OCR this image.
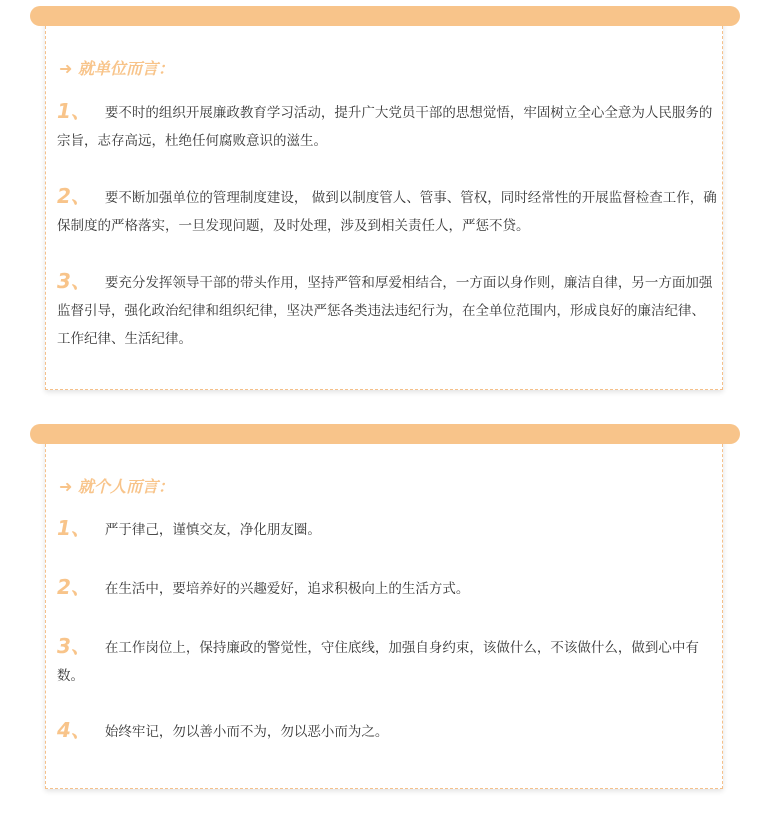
➜ 就单位而言：
1、 要不时的组织开展廉政教育学习活动，提升广大党员干部的思想觉悟，牢固树立全心全意为人民服务的宗旨，志存高远，杜绝任何腐败意识的滋生。
2、 要不断加强单位的管理制度建设， 做到以制度管人、管事、管权，同时经常性的开展监督检查工作，确保制度的严格落实，一旦发现问题，及时处理，涉及到相关责任人，严惩不贷。
3、 要充分发挥领导干部的带头作用，坚持严管和厚爱相结合，一方面以身作则，廉洁自律，另一方面加强监督引导，强化政治纪律和组织纪律，坚决严惩各类违法违纪行为，在全单位范围内，形成良好的廉洁纪律、工作纪律、生活纪律。
➜ 就个人而言：
1、 严于律己，谨慎交友，净化朋友圈。
2、 在生活中，要培养好的兴趣爱好，追求积极向上的生活方式。
3、 在工作岗位上，保持廉政的警觉性，守住底线，加强自身约束，该做什么，不该做什么，做到心中有数。
4、 始终牢记，勿以善小而不为，勿以恶小而为之。
